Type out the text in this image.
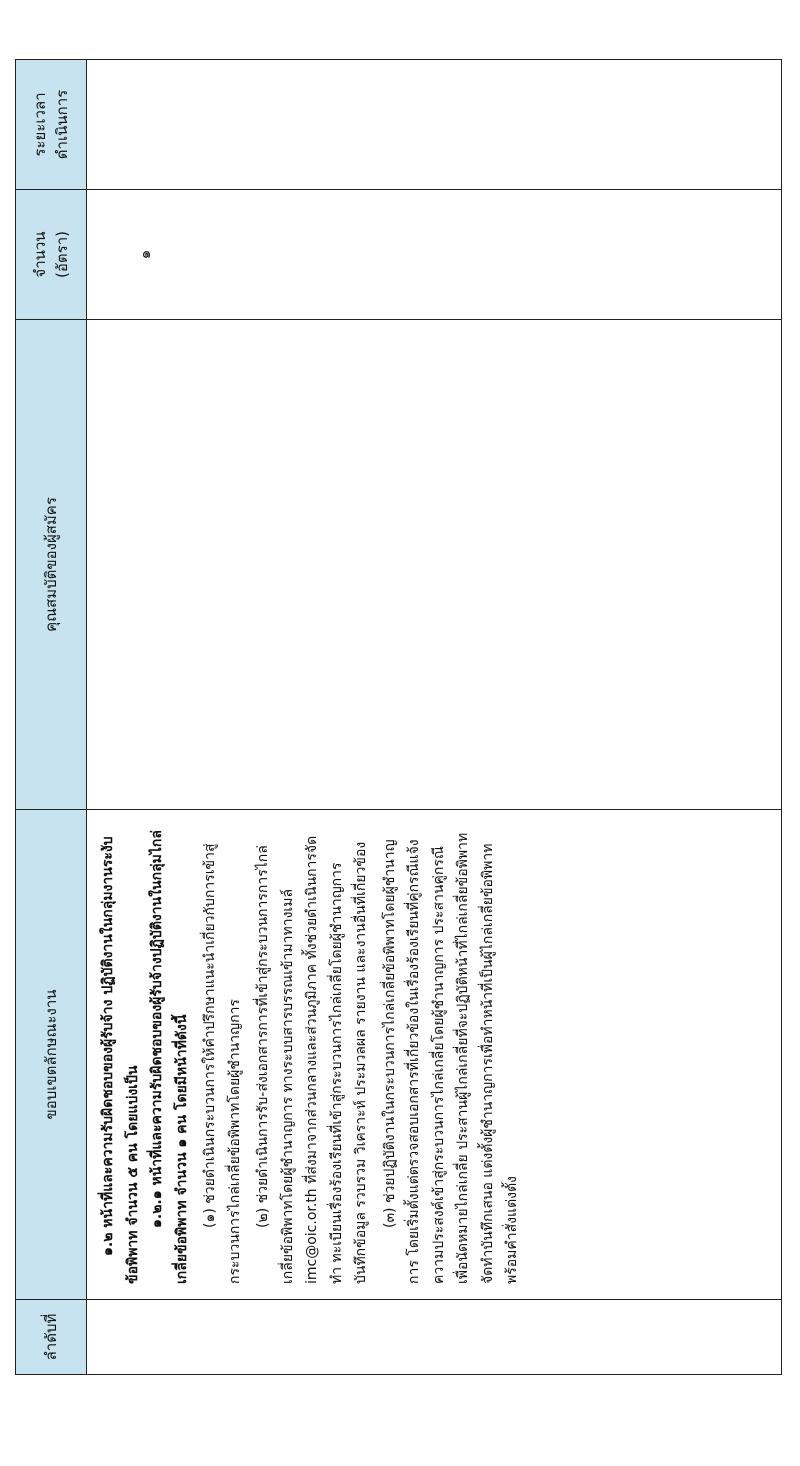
ลำดับที่	ขอบเขตลักษณะงาน	คุณสมบัติของผู้สมัคร	จำนวน (อัตรา)	ระยะเวลา ดำเนินการ

	๑.๒ หน้าที่และความรับผิดชอบของผู้รับจ้าง ปฏิบัติงานในกลุ่มงานระงับข้อพิพาท จำนวน ๕ คน โดยแบ่งเป็น ๑.๒.๑ หน้าที่และความรับผิดชอบของผู้รับจ้างปฏิบัติงานในกลุ่มไกล่เกลี่ยข้อพิพาท จำนวน ๑ คน โดยมีหน้าที่ดังนี้ (๑) ช่วยดำเนินกระบวนการให้คำปรึกษาแนะนำเกี่ยวกับการเข้าสู่กระบวนการไกล่เกลี่ยข้อพิพาทโดยผู้ชำนาญการ (๒) ช่วยดำเนินการรับ-ส่งเอกสารการที่เข้าสู่กระบวนการการไกล่เกลี่ยข้อพิพาทโดยผู้ชำนาญการ ทางระบบสารบรรณเข้ามาทางเมล์ imc@oic.or.th ที่ส่งมาจากส่วนกลางและส่วนภูมิภาค ทั้งช่วยดำเนินการจัดทำ ทะเบียนเรื่องร้องเรียนที่เข้าสู่กระบวนการไกล่เกลี่ยโดยผู้ชำนาญการ บันทึกข้อมูล รวบรวม วิเคราะห์ ประมวลผล รายงาน และงานอื่นที่เกี่ยวข้อง (๓) ช่วยปฏิบัติงานในกระบวนการไกล่เกลี่ยข้อพิพาทโดยผู้ชำนาญการ โดยเริ่มตั้งแต่ตรวจสอบเอกสารที่เกี่ยวข้องในเรื่องร้องเรียนที่คู่กรณีแจ้งความประสงค์เข้าสู่กระบวนการไกล่เกลี่ยโดยผู้ชำนาญการ ประสานคู่กรณีเพื่อนัดหมายไกล่เกลี่ย ประสานผู้ไกล่เกลี่ยที่จะปฏิบัติหน้าที่ไกล่เกลี่ยข้อพิพาท จัดทำบันทึกเสนอ แต่งตั้งผู้ชำนาญการเพื่อทำหน้าที่เป็นผู้ไกล่เกลี่ยข้อพิพาทพร้อมคำสั่งแต่งตั้ง		๑	
